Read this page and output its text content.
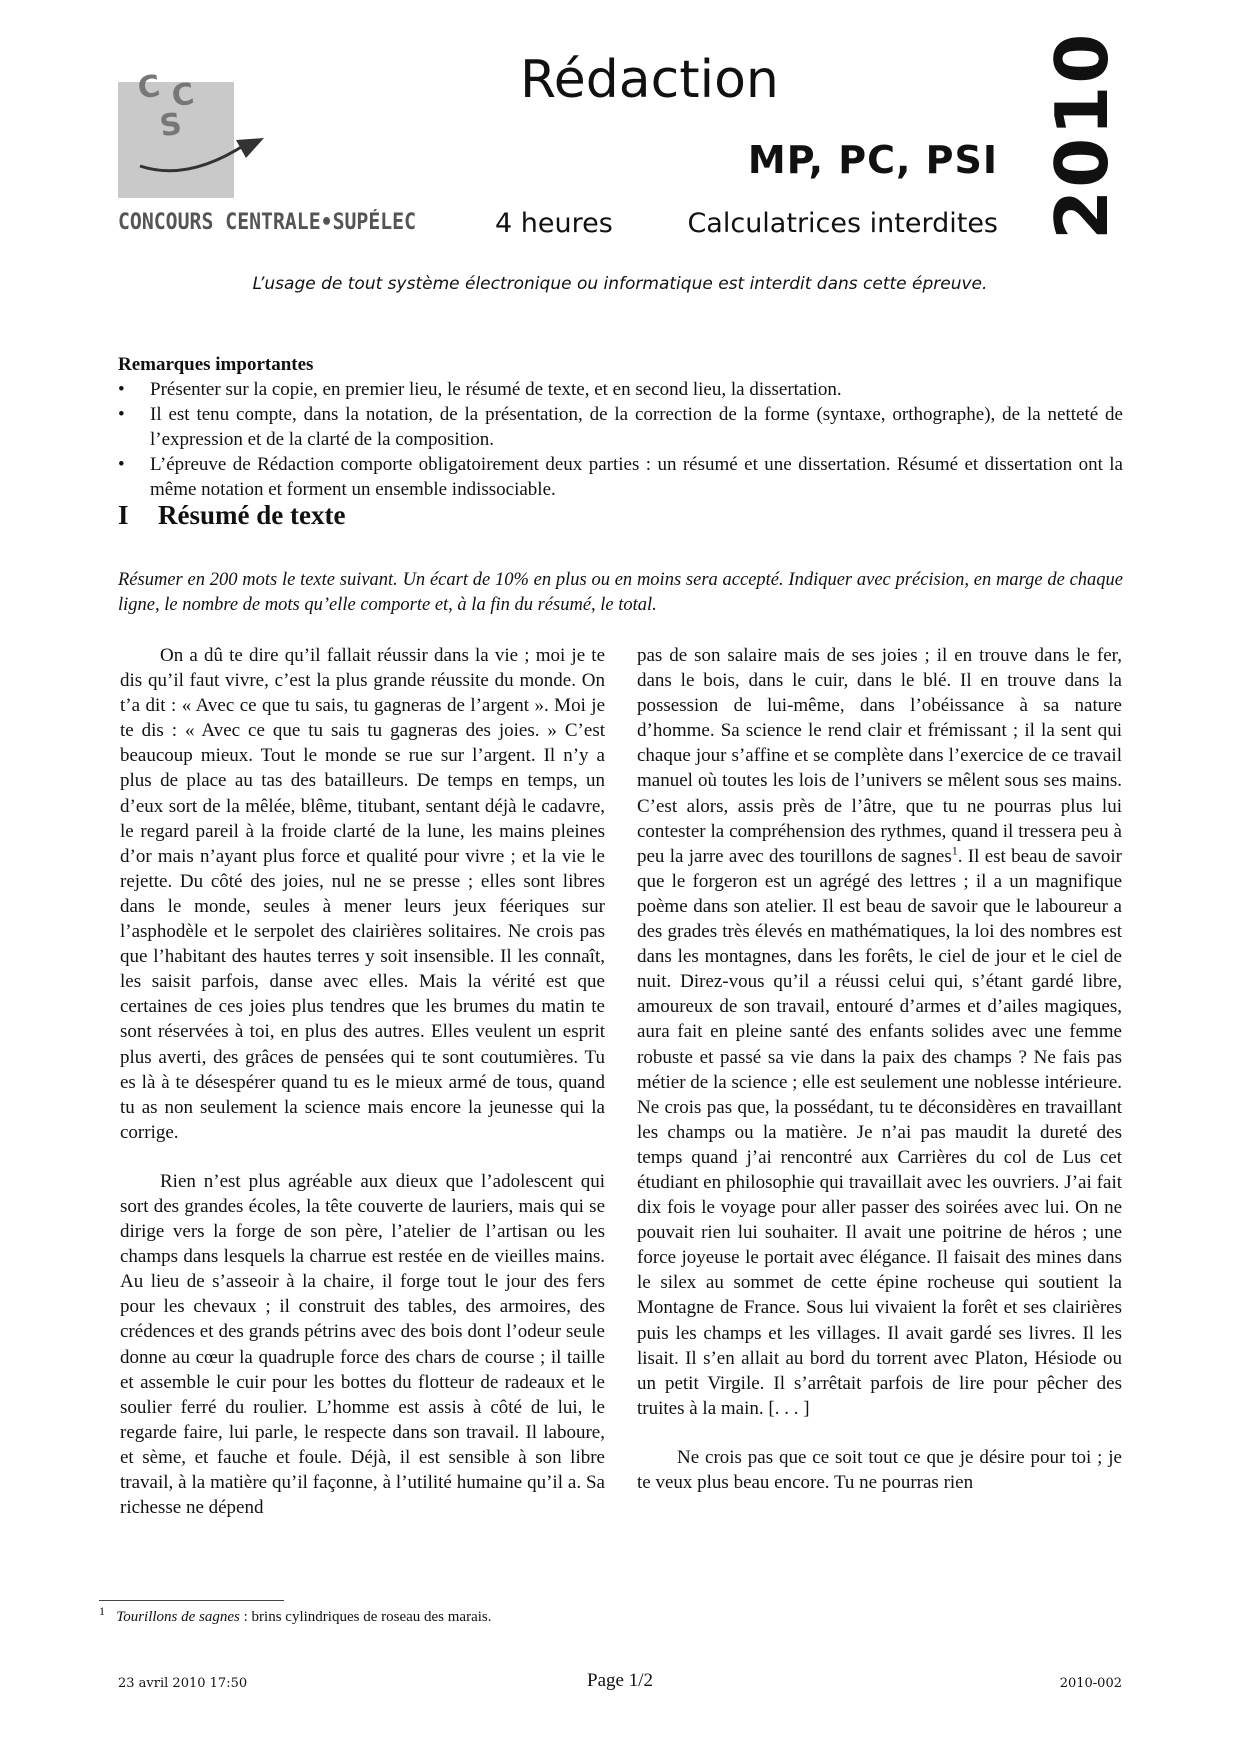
C C
S
CONCOURS CENTRALE•SUPÉLEC
Rédaction
MP, PC, PSI
4 heures	Calculatrices interdites 2010
L’usage de tout système électronique ou informatique est interdit dans cette épreuve.
Remarques importantes
• Présenter sur la copie, en premier lieu, le résumé de texte, et en second lieu, la dissertation.
• Il est tenu compte, dans la notation, de la présentation, de la correction de la forme (syntaxe, orthographe), de la netteté de l’expression et de la clarté de la composition.
• L’épreuve de Rédaction comporte obligatoirement deux parties : un résumé et une dissertation. Résumé et dissertation ont la même notation et forment un ensemble indissociable.
I Résumé de texte
Résumer en 200 mots le texte suivant. Un écart de 10% en plus ou en moins sera accepté. Indiquer avec précision, en marge de chaque ligne, le nombre de mots qu’elle comporte et, à la fin du résumé, le total.

On a dû te dire qu’il fallait réussir dans la vie ; moi je te dis qu’il faut vivre, c’est la plus grande réussite du monde. On t’a dit : « Avec ce que tu sais, tu gagneras de l’argent ». Moi je te dis : « Avec ce que tu sais tu gagneras des joies. » C’est beaucoup mieux. Tout le monde se rue sur l’argent. Il n’y a plus de place au tas des batailleurs. De temps en temps, un d’eux sort de la mêlée, blême, titubant, sentant déjà le cadavre, le regard pareil à la froide clarté de la lune, les mains pleines d’or mais n’ayant plus force et qualité pour vivre ; et la vie le rejette. Du côté des joies, nul ne se presse ; elles sont libres dans le monde, seules à mener leurs jeux féeriques sur l’asphodèle et le serpolet des clairières solitaires. Ne crois pas que l’habitant des hautes terres y soit insensible. Il les connaît, les saisit parfois, danse avec elles. Mais la vérité est que certaines de ces joies plus tendres que les brumes du matin te sont réservées à toi, en plus des autres. Elles veulent un esprit plus averti, des grâces de pensées qui te sont coutumières. Tu es là à te désespérer quand tu es le mieux armé de tous, quand tu as non seulement la science mais encore la jeunesse qui la corrige.

Rien n’est plus agréable aux dieux que l’adolescent qui sort des grandes écoles, la tête couverte de lauriers, mais qui se dirige vers la forge de son père, l’atelier de l’artisan ou les champs dans lesquels la charrue est restée en de vieilles mains. Au lieu de s’asseoir à la chaire, il forge tout le jour des fers pour les chevaux ; il construit des tables, des armoires, des crédences et des grands pétrins avec des bois dont l’odeur seule donne au cœur la quadruple force des chars de course ; il taille et assemble le cuir pour les bottes du flotteur de radeaux et le soulier ferré du roulier. L’homme est assis à côté de lui, le regarde faire, lui parle, le respecte dans son travail. Il laboure, et sème, et fauche et foule. Déjà, il est sensible à son libre travail, à la matière qu’il façonne, à l’utilité humaine qu’il a. Sa richesse ne dépend

pas de son salaire mais de ses joies ; il en trouve dans le fer, dans le bois, dans le cuir, dans le blé. Il en trouve dans la possession de lui-même, dans l’obéissance à sa nature d’homme. Sa science le rend clair et frémissant ; il la sent qui chaque jour s’affine et se complète dans l’exercice de ce travail manuel où toutes les lois de l’univers se mêlent sous ses mains. C’est alors, assis près de l’âtre, que tu ne pourras plus lui contester la compréhension des rythmes, quand il tressera peu à peu la jarre avec des tourillons de sagnes$^1$. Il est beau de savoir que le forgeron est un agrégé des lettres ; il a un magnifique poème dans son atelier. Il est beau de savoir que le laboureur a des grades très élevés en mathématiques, la loi des nombres est dans les montagnes, dans les forêts, le ciel de jour et le ciel de nuit. Direz-vous qu’il a réussi celui qui, s’étant gardé libre, amoureux de son travail, entouré d’armes et d’ailes magiques, aura fait en pleine santé des enfants solides avec une femme robuste et passé sa vie dans la paix des champs ? Ne fais pas métier de la science ; elle est seulement une noblesse intérieure. Ne crois pas que, la possédant, tu te déconsidères en travaillant les champs ou la matière. Je n’ai pas maudit la dureté des temps quand j’ai rencontré aux Carrières du col de Lus cet étudiant en philosophie qui travaillait avec les ouvriers. J’ai fait dix fois le voyage pour aller passer des soirées avec lui. On ne pouvait rien lui souhaiter. Il avait une poitrine de héros ; une force joyeuse le portait avec élégance. Il faisait des mines dans le silex au sommet de cette épine rocheuse qui soutient la Montagne de France. Sous lui vivaient la forêt et ses clairières puis les champs et les villages. Il avait gardé ses livres. Il les lisait. Il s’en allait au bord du torrent avec Platon, Hésiode ou un petit Virgile. Il s’arrêtait parfois de lire pour pêcher des truites à la main. [. . . ]

Ne crois pas que ce soit tout ce que je désire pour toi ; je te veux plus beau encore. Tu ne pourras rien

$^1$ Tourillons de sagnes : brins cylindriques de roseau des marais.
23 avril 2010 17:50	Page 1/2	2010-002
